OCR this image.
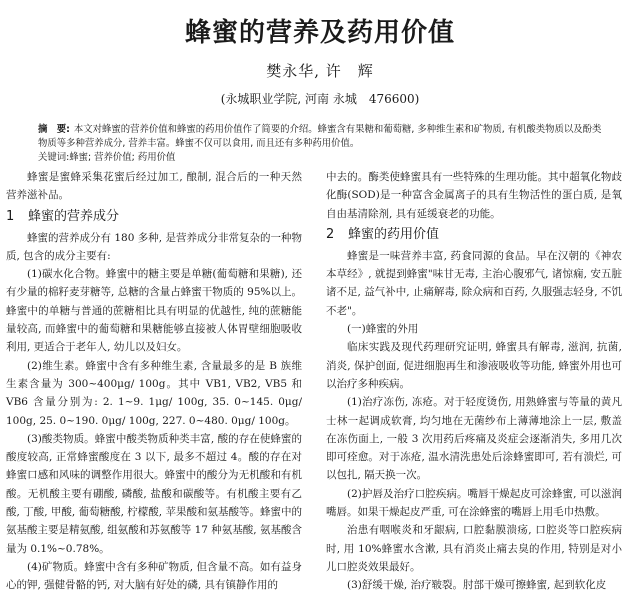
蜂蜜的营养及药用价值
樊永华, 许　辉
(永城职业学院, 河南 永城　476600)

摘　要: 本文对蜂蜜的营养价值和蜂蜜的药用价值作了简要的介绍。蜂蜜含有果糖和葡萄糖, 多种维生素和矿物质, 有机酸类物质以及酚类物质等多种营养成分, 营养丰富。蜂蜜不仅可以食用, 而且还有多种药用价值。

关键词:蜂蜜; 营养价值; 药用价值

蜂蜜是蜜蜂采集花蜜后经过加工, 酿制, 混合后的一种天然营养滋补品。

1 蜂蜜的营养成分

蜂蜜的营养成分有 180 多种, 是营养成分非常复杂的一种物质, 包含的成分主要有:

(1)碳水化合物。蜂蜜中的糖主要是单糖(葡萄糖和果糖), 还有少量的棉籽麦芽糖等, 总糖的含量占蜂蜜干物质的 95%以上。蜂蜜中的单糖与普通的蔗糖相比具有明显的优越性, 纯的蔗糖能量较高, 而蜂蜜中的葡萄糖和果糖能够直接被人体胃壁细胞吸收利用, 更适合于老年人, 幼儿以及妇女。

(2)维生素。蜂蜜中含有多种维生素, 含量最多的是 B 族维生素含量为 300~400μg/ 100g。其中 VB1, VB2, VB5 和 VB6 含量分别为: 2. 1~9. 1μg/ 100g, 35. 0~145. 0μg/ 100g, 25. 0~190. 0μg/ 100g, 227. 0~480. 0μg/ 100g。

(3)酸类物质。蜂蜜中酸类物质种类丰富, 酸的存在使蜂蜜的酸度较高, 正常蜂蜜酸度在 3 以下, 最多不超过 4。酸的存在对蜂蜜口感和风味的调整作用很大。蜂蜜中的酸分为无机酸和有机酸。无机酸主要有硼酸, 磷酸, 盐酸和碳酸等。有机酸主要有乙酸, 丁酸, 甲酸, 葡萄糖酸, 柠檬酸, 苹果酸和氨基酸等。蜂蜜中的氨基酸主要是精氨酸, 组氨酸和苏氨酸等 17 种氨基酸, 氨基酸含量为 0.1%~0.78%。

(4)矿物质。蜂蜜中含有多种矿物质, 但含量不高。如有益身心的钾, 强健骨骼的钙, 对大脑有好处的磷, 具有镇静作用的

中去的。酶类使蜂蜜具有一些特殊的生理功能。其中超氧化物歧化酶(SOD)是一种富含金属离子的具有生物活性的蛋白质, 是氧自由基清除剂, 具有延缓衰老的功能。

2 蜂蜜的药用价值

蜂蜜是一味营养丰富, 药食同源的食品。早在汉朝的《神农本草经》, 就提到蜂蜜"味甘无毒, 主治心腹邪气, 诸惊痫, 安五脏诸不足, 益气补中, 止痛解毒, 除众病和百药, 久服强志轻身, 不饥不老"。

(一)蜂蜜的外用

临床实践及现代药理研究证明, 蜂蜜具有解毒, 滋润, 抗菌, 消炎, 保护创面, 促进细胞再生和渗液吸收等功能, 蜂蜜外用也可以治疗多种疾病。

(1)治疗冻伤, 冻疮。对于轻度烫伤, 用熟蜂蜜与等量的黄凡士林一起调成软膏, 均匀地在无菌纱布上薄薄地涂上一层, 敷盖在冻伤面上, 一般 3 次用药后疼痛及炎症会逐渐消失, 多用几次即可痊愈。对于冻疮, 温水清洗患处后涂蜂蜜即可, 若有溃烂, 可以包扎, 隔天换一次。

(2)护唇及治疗口腔疾病。嘴唇干燥起皮可涂蜂蜜, 可以滋润嘴唇。如果干燥起皮严重, 可在涂蜂蜜的嘴唇上用毛巾热敷。

治患有咽喉炎和牙龈病, 口腔黏膜溃疡, 口腔炎等口腔疾病时, 用 10%蜂蜜水含漱, 具有消炎止痛去臭的作用, 特别是对小儿口腔炎效果最好。

(3)舒缓干燥, 治疗皲裂。肘部干燥可擦蜂蜜, 起到软化皮
